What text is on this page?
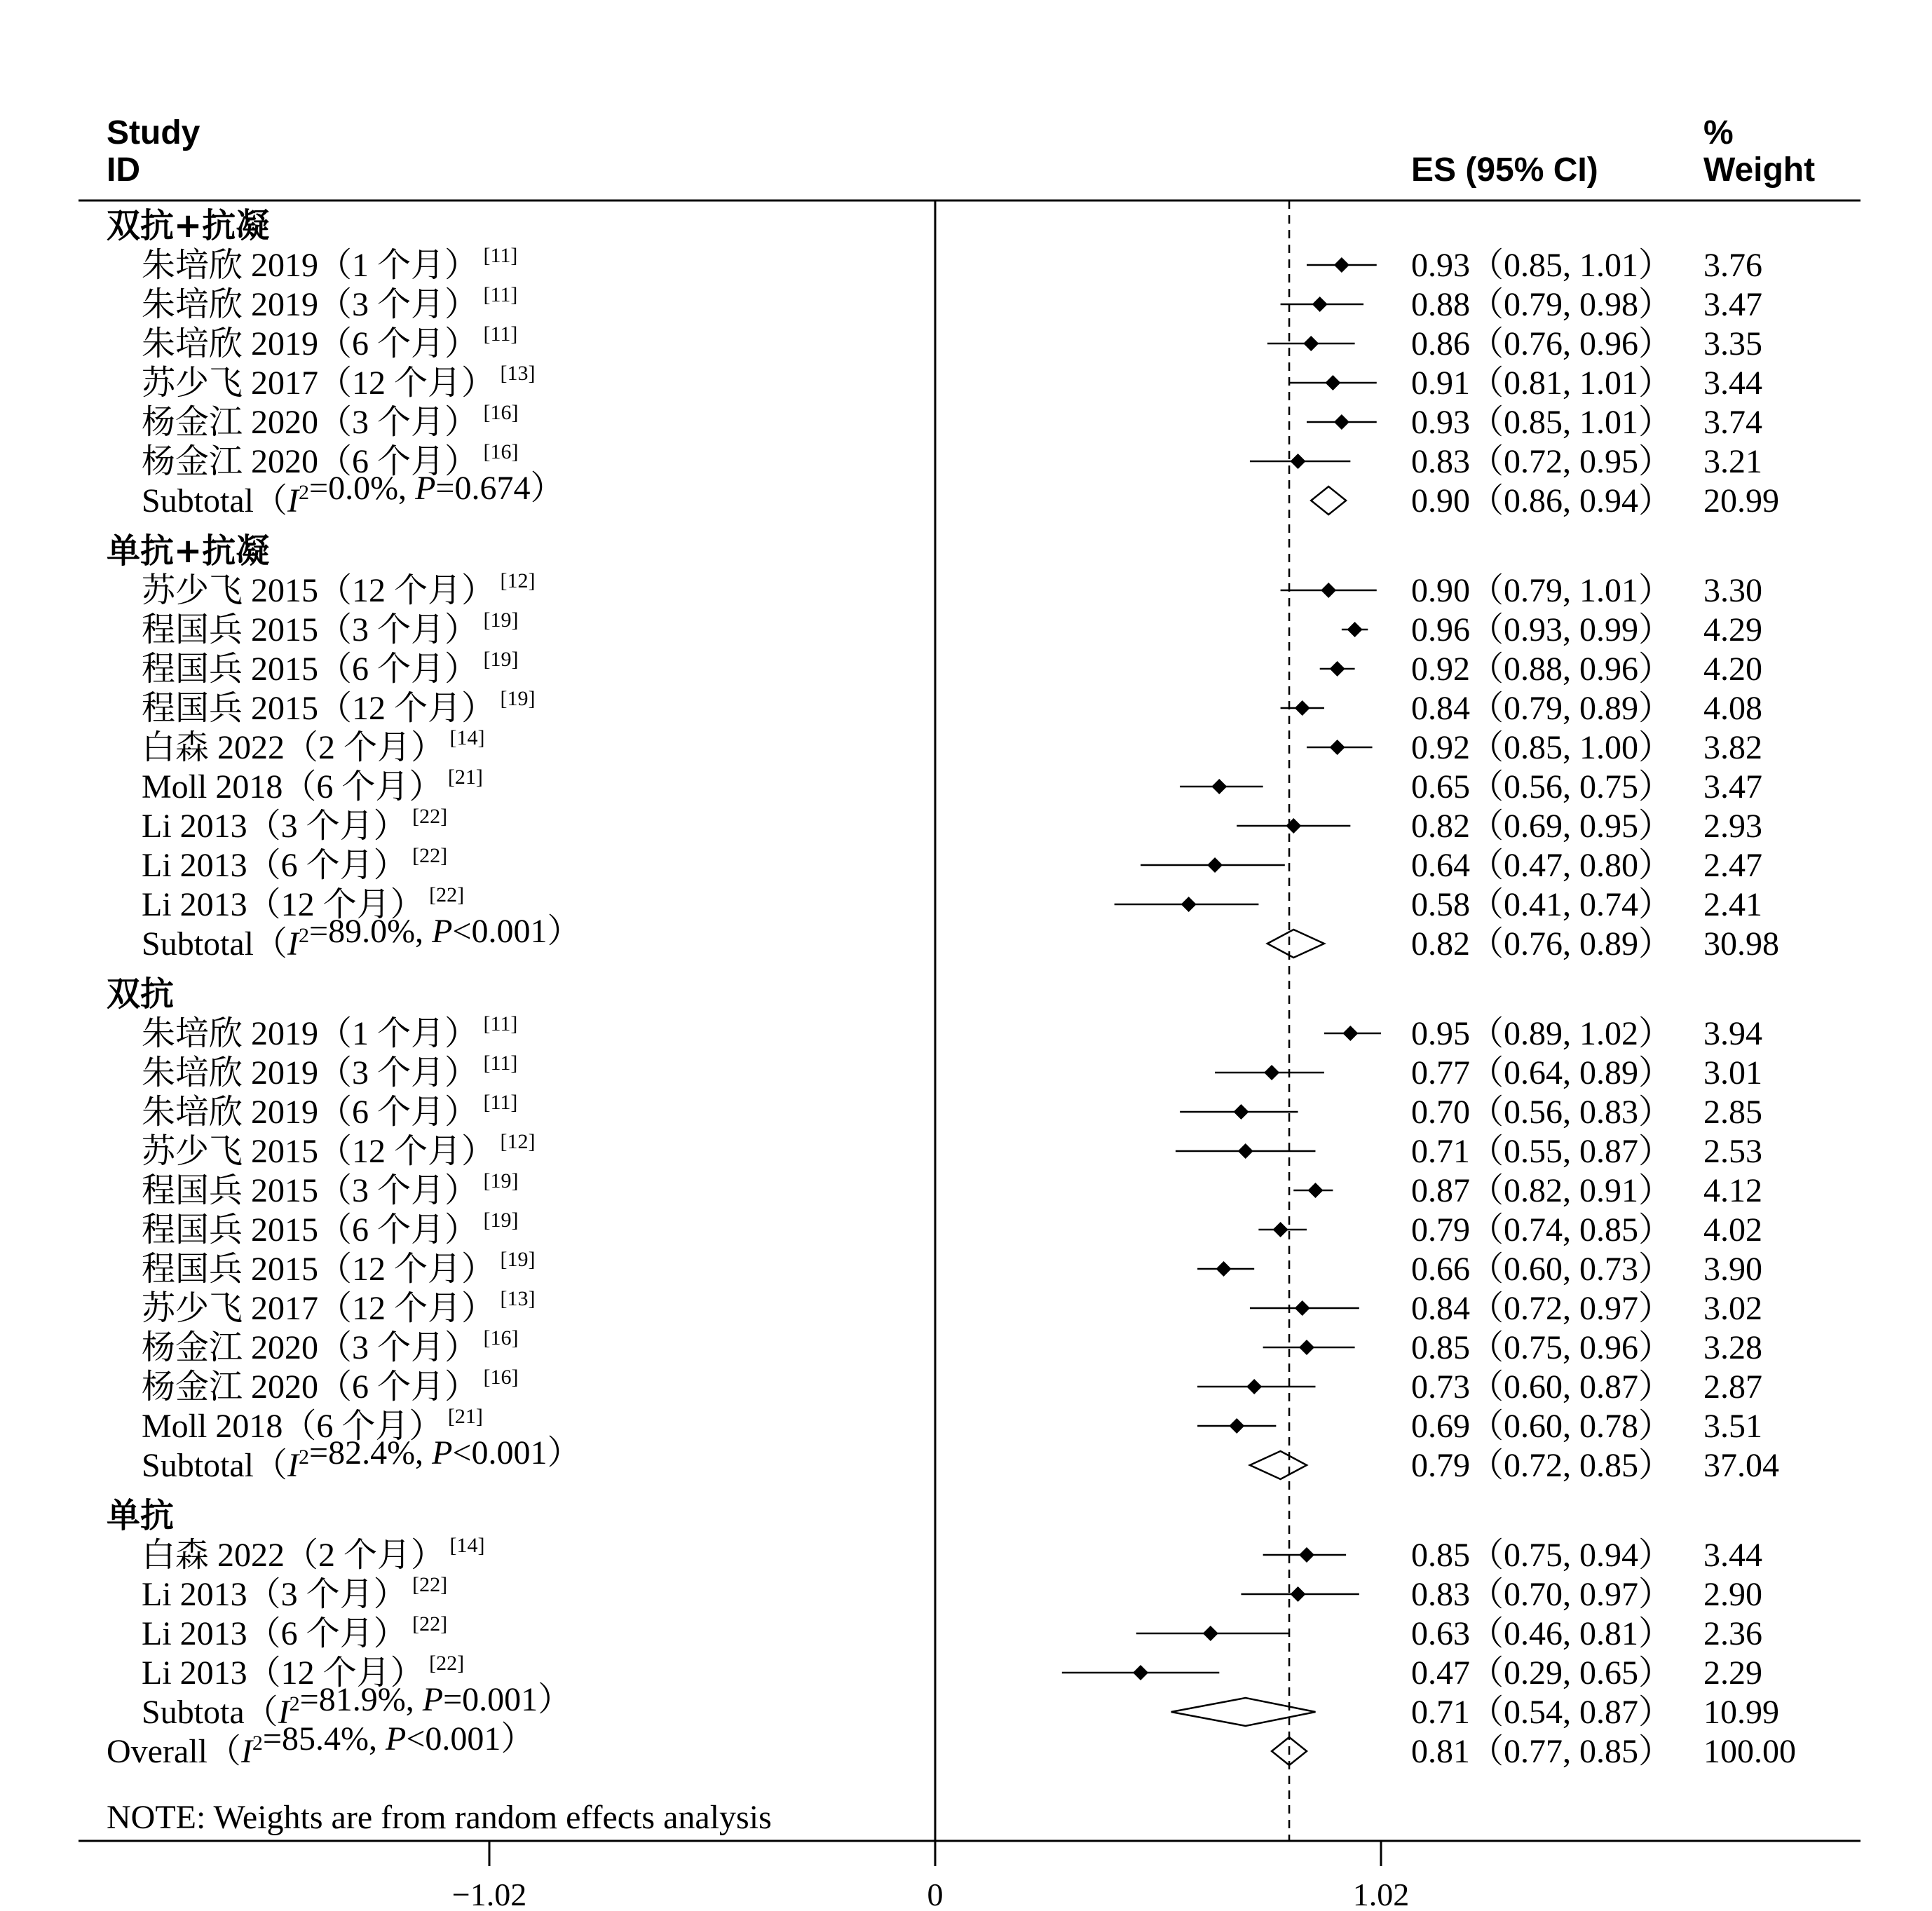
Study
ID	ES (95% CI)
%
Weight
双抗+抗凝
朱培欣 2019（1 个月） [11]	0.93（0.85, 1.01） 3.76
朱培欣 2019（3 个月） [11]	0.88（0.79, 0.98） 3.47
朱培欣 2019（6 个月） [11]	0.86（0.76, 0.96） 3.35
苏少飞 2017（12 个月） [13]	0.91（0.81, 1.01） 3.44
杨金江 2020（3 个月） [16]	0.93（0.85, 1.01） 3.74
杨金江 2020（6 个月） [16]	0.83（0.72, 0.95） 3.21
$Subtotal(I^2=0.0\%$, P=0.674）	0.90（0.86, 0.94） 20.99
单抗+抗凝
苏少飞 2015（12 个月） [12]	0.90（0.79, 1.01） 3.30
程国兵 2015（3 个月） [19]	0.96（0.93, 0.99） 4.29
程国兵 2015（6 个月） [19]	0.92（0.88, 0.96） 4.20
程国兵 2015（12 个月） [19]	0.84（0.79, 0.89） 4.08
白森 2022（2 个月） [14]	0.92（0.85, 1.00） 3.82
Moll 2018（6 个月） [21]	0.65（0.56, 0.75） 3.47
Li 2013（3 个月） [22]	0.82（0.69, 0.95） 2.93
Li 2013（6 个月） [22]	0.64（0.47, 0.80） 2.47
Li 2013（12 个月） [22]	0.58（0.41, 0.74） 2.41
$Subtotal(I^2=89.0\%$, P<0.001）	0.82（0.76, 0.89） 30.98
双抗
朱培欣 2019（1 个月） [11]	0.95（0.89, 1.02） 3.94
朱培欣 2019（3 个月） [11]	0.77（0.64, 0.89） 3.01
朱培欣 2019（6 个月） [11]	0.70（0.56, 0.83） 2.85
苏少飞 2015（12 个月） [12]	0.71（0.55, 0.87） 2.53
程国兵 2015（3 个月） [19]	0.87（0.82, 0.91） 4.12
程国兵 2015（6 个月） [19]	0.79（0.74, 0.85） 4.02
程国兵 2015（12 个月） [19]	0.66（0.60, 0.73） 3.90
苏少飞 2017（12 个月） [13]	0.84（0.72, 0.97） 3.02
杨金江 2020（3 个月） [16]	0.85（0.75, 0.96） 3.28
杨金江 2020（6 个月） [16]	0.73（0.60, 0.87） 2.87
Moll 2018（6 个月） [21]	0.69（0.60, 0.78） 3.51
$Subtotal(I^2=82.4\%$, P<0.001）	0.79（0.72, 0.85） 37.04
单抗
白森 2022（2 个月） [14]	0.85（0.75, 0.94） 3.44
Li 2013（3 个月） [22]	0.83（0.70, 0.97） 2.90
Li 2013（6 个月） [22]	0.63（0.46, 0.81） 2.36
Li 2013（12 个月） [22]	0.47（0.29, 0.65） 2.29
$Subtota(I^2=81.9\%$, P=0.001）	0.71（0.54, 0.87） 10.99
$Overall(I^2=85.4\%$, P<0.001）	0.81（0.77, 0.85） 100.00
−1.02	0	1.02
NOTE: Weights are from random effects analysis
